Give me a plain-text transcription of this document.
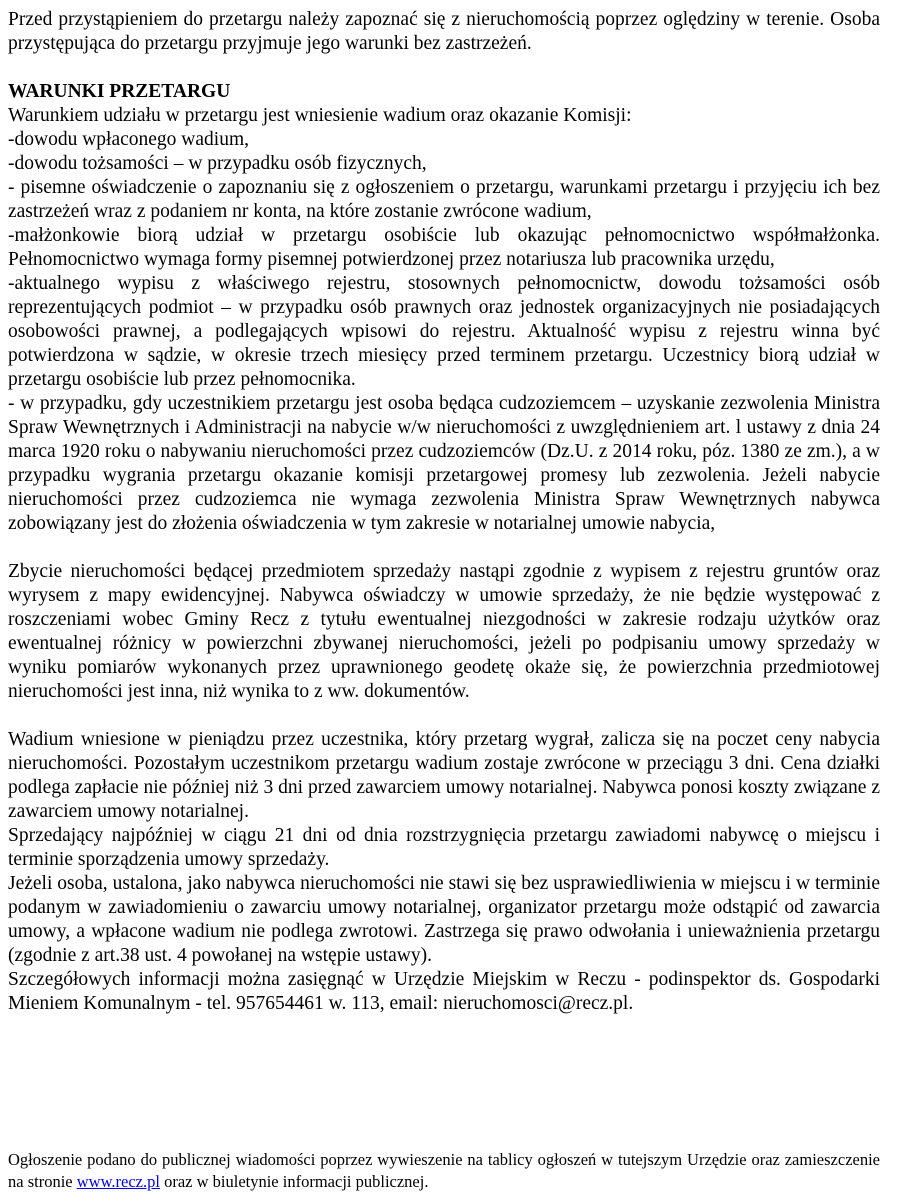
Przed przystąpieniem do przetargu należy zapoznać się z nieruchomością poprzez oględziny w terenie. Osoba przystępująca do przetargu przyjmuje jego warunki bez zastrzeżeń.

WARUNKI PRZETARGU

Warunkiem udziału w przetargu jest wniesienie wadium oraz okazanie Komisji:

-dowodu wpłaconego wadium,

-dowodu tożsamości – w przypadku osób fizycznych,

- pisemne oświadczenie o zapoznaniu się z ogłoszeniem o przetargu, warunkami przetargu i przyjęciu ich bez zastrzeżeń wraz z podaniem nr konta, na które zostanie zwrócone wadium,

-małżonkowie biorą udział w przetargu osobiście lub okazując pełnomocnictwo współmałżonka. Pełnomocnictwo wymaga formy pisemnej potwierdzonej przez notariusza lub pracownika urzędu,

-aktualnego wypisu z właściwego rejestru, stosownych pełnomocnictw, dowodu tożsamości osób reprezentujących podmiot – w przypadku osób prawnych oraz jednostek organizacyjnych nie posiadających osobowości prawnej, a podlegających wpisowi do rejestru. Aktualność wypisu z rejestru winna być potwierdzona w sądzie, w okresie trzech miesięcy przed terminem przetargu. Uczestnicy biorą udział w przetargu osobiście lub przez pełnomocnika.

- w przypadku, gdy uczestnikiem przetargu jest osoba będąca cudzoziemcem – uzyskanie zezwolenia Ministra Spraw Wewnętrznych i Administracji na nabycie w/w nieruchomości z uwzględnieniem art. l ustawy z dnia 24 marca 1920 roku o nabywaniu nieruchomości przez cudzoziemców (Dz.U. z 2014 roku, póz. 1380 ze zm.), a w przypadku wygrania przetargu okazanie komisji przetargowej promesy lub zezwolenia. Jeżeli nabycie nieruchomości przez cudzoziemca nie wymaga zezwolenia Ministra Spraw Wewnętrznych nabywca zobowiązany jest do złożenia oświadczenia w tym zakresie w notarialnej umowie nabycia,

Zbycie nieruchomości będącej przedmiotem sprzedaży nastąpi zgodnie z wypisem z rejestru gruntów oraz wyrysem z mapy ewidencyjnej. Nabywca oświadczy w umowie sprzedaży, że nie będzie występować z roszczeniami wobec Gminy Recz z tytułu ewentualnej niezgodności w zakresie rodzaju użytków oraz ewentualnej różnicy w powierzchni zbywanej nieruchomości, jeżeli po podpisaniu umowy sprzedaży w wyniku pomiarów wykonanych przez uprawnionego geodetę okaże się, że powierzchnia przedmiotowej nieruchomości jest inna, niż wynika to z ww. dokumentów.

Wadium wniesione w pieniądzu przez uczestnika, który przetarg wygrał, zalicza się na poczet ceny nabycia nieruchomości. Pozostałym uczestnikom przetargu wadium zostaje zwrócone w przeciągu 3 dni. Cena działki podlega zapłacie nie później niż 3 dni przed zawarciem umowy notarialnej. Nabywca ponosi koszty związane z zawarciem umowy notarialnej.

Sprzedający najpóźniej w ciągu 21 dni od dnia rozstrzygnięcia przetargu zawiadomi nabywcę o miejscu i terminie sporządzenia umowy sprzedaży.

Jeżeli osoba, ustalona, jako nabywca nieruchomości nie stawi się bez usprawiedliwienia w miejscu i w terminie podanym w zawiadomieniu o zawarciu umowy notarialnej, organizator przetargu może odstąpić od zawarcia umowy, a wpłacone wadium nie podlega zwrotowi. Zastrzega się prawo odwołania i unieważnienia przetargu (zgodnie z art.38 ust. 4 powołanej na wstępie ustawy).

Szczegółowych informacji można zasięgnąć w Urzędzie Miejskim w Reczu - podinspektor ds. Gospodarki Mieniem Komunalnym - tel. 957654461 w. 113, email: nieruchomosci@recz.pl.

Ogłoszenie podano do publicznej wiadomości poprzez wywieszenie na tablicy ogłoszeń w tutejszym Urzędzie oraz zamieszczenie na stronie www.recz.pl oraz w biuletynie informacji publicznej.
